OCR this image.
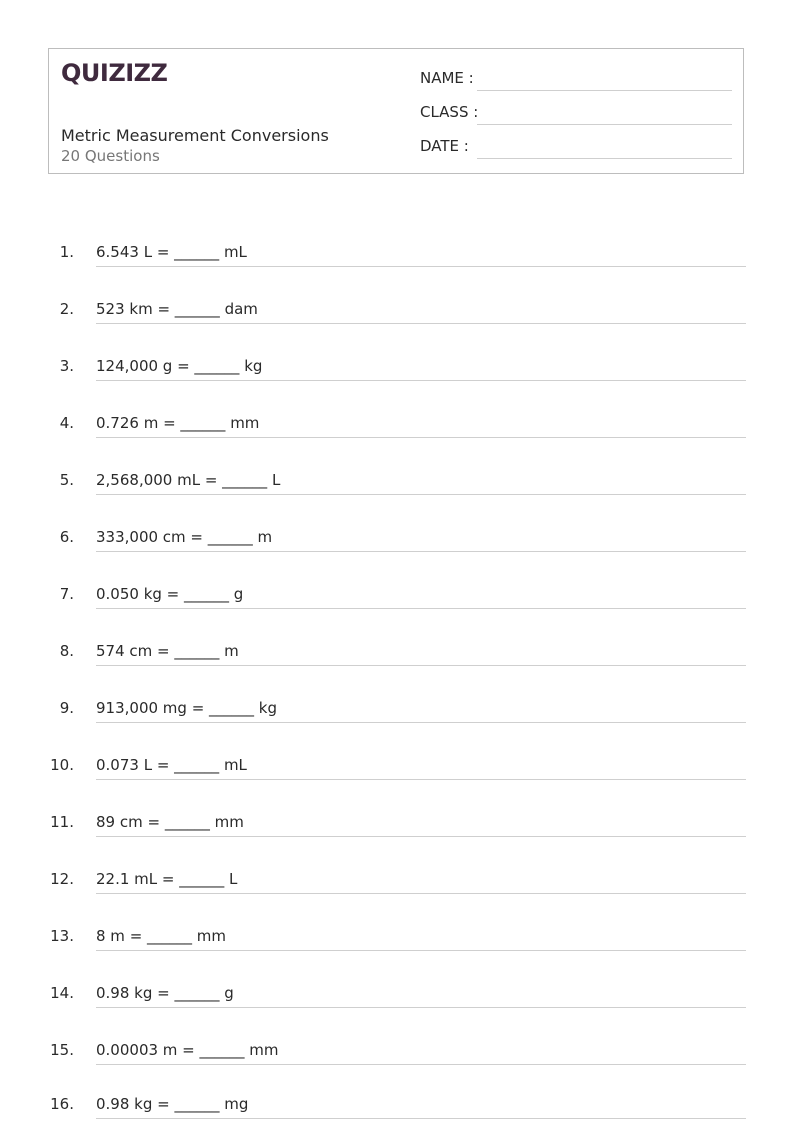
QUIZIZZ
Metric Measurement Conversions
20 Questions
NAME :
CLASS :
DATE :
1. 6.543 L = ______ mL
2. 523 km = ______ dam
3. 124,000 g = ______ kg
4. 0.726 m = ______ mm
5. 2,568,000 mL = ______ L
6. 333,000 cm = ______ m
7. 0.050 kg = ______ g
8. 574 cm = ______ m
9. 913,000 mg = ______ kg
10. 0.073 L = ______ mL
11. 89 cm = ______ mm
12. 22.1 mL = ______ L
13. 8 m = ______ mm
14. 0.98 kg = ______ g
15. 0.00003 m = ______ mm
16. 0.98 kg = ______ mg
